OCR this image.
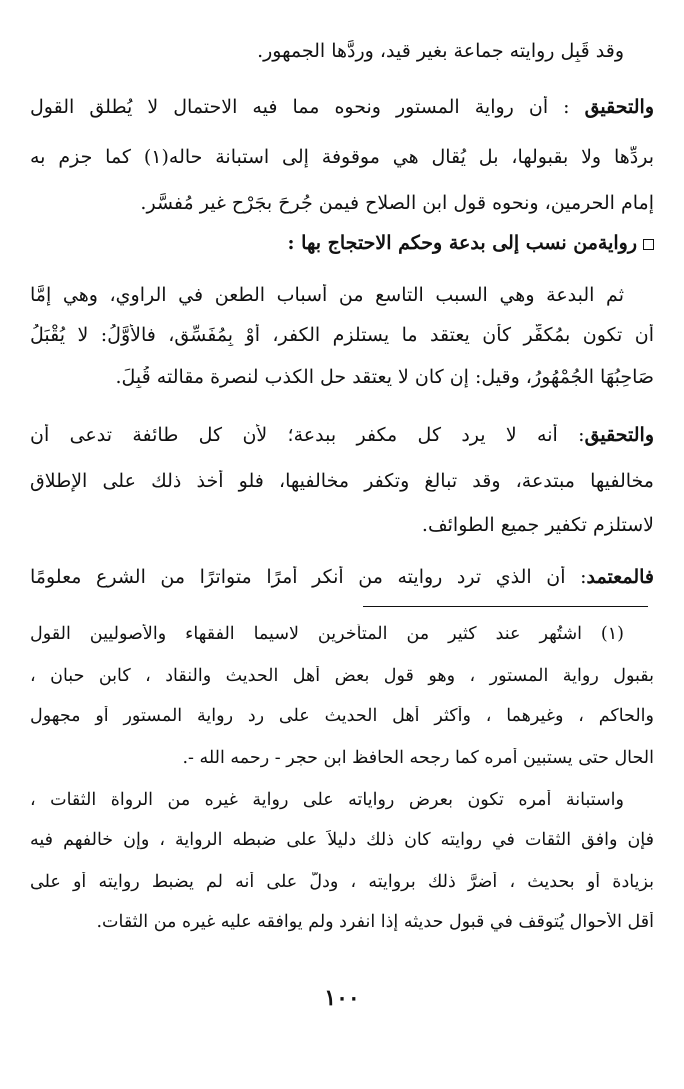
وقد قَبِل روايته جماعة بغير قيد، وردَّها الجمهور.
والتحقيق : أن رواية المستور ونحوه مما فيه الاحتمال لا يُطلق القول
بردِّها ولا بقبولها، بل يُقال هي موقوفة إلى استبانة حاله(١) كما جزم به
إمام الحرمين، ونحوه قول ابن الصلاح فيمن جُرِحَ بجَرْحٍ غير مُفسَّر.
روايةمن نسب إلى بدعة وحكم الاحتجاج بها :
ثم البدعة وهي السبب التاسع من أسباب الطعن في الراوي، وهي إمَّا
أن تكون بمُكفِّر كأن يعتقد ما يستلزم الكفر، أوْ بِمُفَسِّق، فالأوَّلُ: لا يُقْبَلُ
صَاحِبُهَا الجُمْهُورُ، وقيل: إن كان لا يعتقد حل الكذب لنصرة مقالته قُبِلَ.
والتحقيق: أنه لا يرد كل مكفر ببدعة؛ لأن كل طائفة تدعى أن
مخالفيها مبتدعة، وقد تبالغ وتكفر مخالفيها، فلو أخذ ذلك على الإطلاق
لاستلزم تكفير جميع الطوائف.
فالمعتمد: أن الذي ترد روايته من أنكر أمرًا متواترًا من الشرع معلومًا
(١) اشتُهر عند كثير من المتأخرين لاسيما الفقهاء والأصوليين القول
بقبول رواية المستور ، وهو قول بعض أهل الحديث والنقاد ، كابن حبان ،
والحاكم ، وغيرهما ، وأكثر أهل الحديث على رد رواية المستور أو مجهول
الحال حتى يستبين أمره كما رجحه الحافظ ابن حجر - رحمه الله -.
واستبانة أمره تكون بعرض رواياته على رواية غيره من الرواة الثقات ،
فإن وافق الثقات في روايته كان ذلك دليلاً على ضبطه الرواية ، وإن خالفهم فيه
بزيادة أو بحديث ، أضرَّ ذلك بروايته ، ودلَّ على أنه لم يضبط روايته أو على
أقل الأحوال يُتوقف في قبول حديثه إذا انفرد ولم يوافقه عليه غيره من الثقات.
١٠٠
